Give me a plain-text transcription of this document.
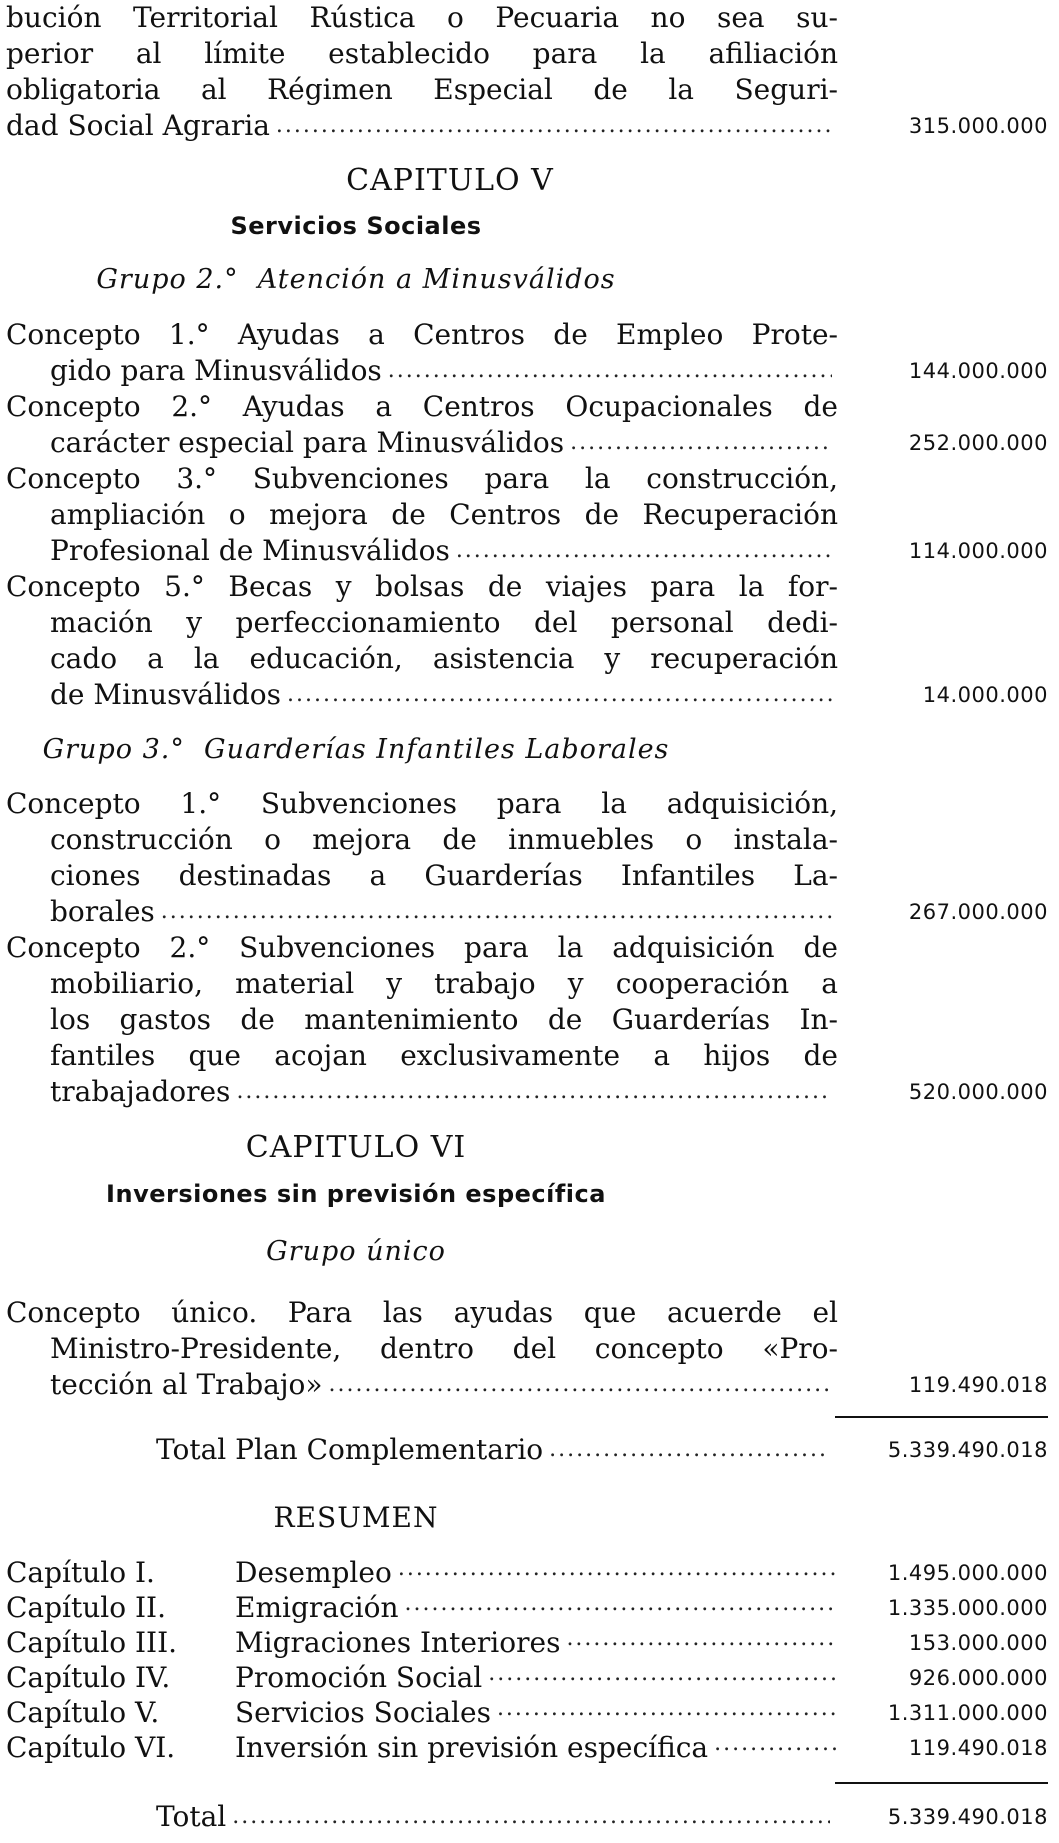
bución Territorial Rústica o Pecuaria no sea su-
perior al límite establecido para la afiliación
obligatoria al Régimen Especial de la Seguri-
dad Social Agraria .....	315.000.000
CAPITULO V
Servicios Sociales
Grupo 2.° Atención a Minusválidos
Concepto 1.° Ayudas a Centros de Empleo Prote-
gido para Minusválidos .....	144.000.000
Concepto 2.° Ayudas a Centros Ocupacionales de
carácter especial para Minusválidos .....	252.000.000
Concepto 3.° Subvenciones para la construcción,
ampliación o mejora de Centros de Recuperación
Profesional de Minusválidos .....	114.000.000
Concepto 5.° Becas y bolsas de viajes para la for-
mación y perfeccionamiento del personal dedi-
cado a la educación, asistencia y recuperación
de Minusválidos .....	14.000.000
Grupo 3.° Guarderías Infantiles Laborales
Concepto 1.° Subvenciones para la adquisición,
construcción o mejora de inmuebles o instala-
ciones destinadas a Guarderías Infantiles La-
borales .....	267.000.000
Concepto 2.° Subvenciones para la adquisición de
mobiliario, material y trabajo y cooperación a
los gastos de mantenimiento de Guarderías In-
fantiles que acojan exclusivamente a hijos de
trabajadores .....	520.000.000
CAPITULO VI
Inversiones sin previsión específica
Grupo único
Concepto único. Para las ayudas que acuerde el
Ministro-Presidente, dentro del concepto «Pro-
tección al Trabajo» .....	119.490.018
Total Plan Complementario .....	5.339.490.018
RESUMEN
Capítulo I.	Desempleo .....	1.495.000.000
Capítulo II.	Emigración .....	1.335.000.000
Capítulo III.	Migraciones Interiores .....	153.000.000
Capítulo IV.	Promoción Social .....	926.000.000
Capítulo V.	Servicios Sociales .....	1.311.000.000
Capítulo VI.	Inversión sin previsión específica .....	119.490.018
Total .....	5.339.490.018
